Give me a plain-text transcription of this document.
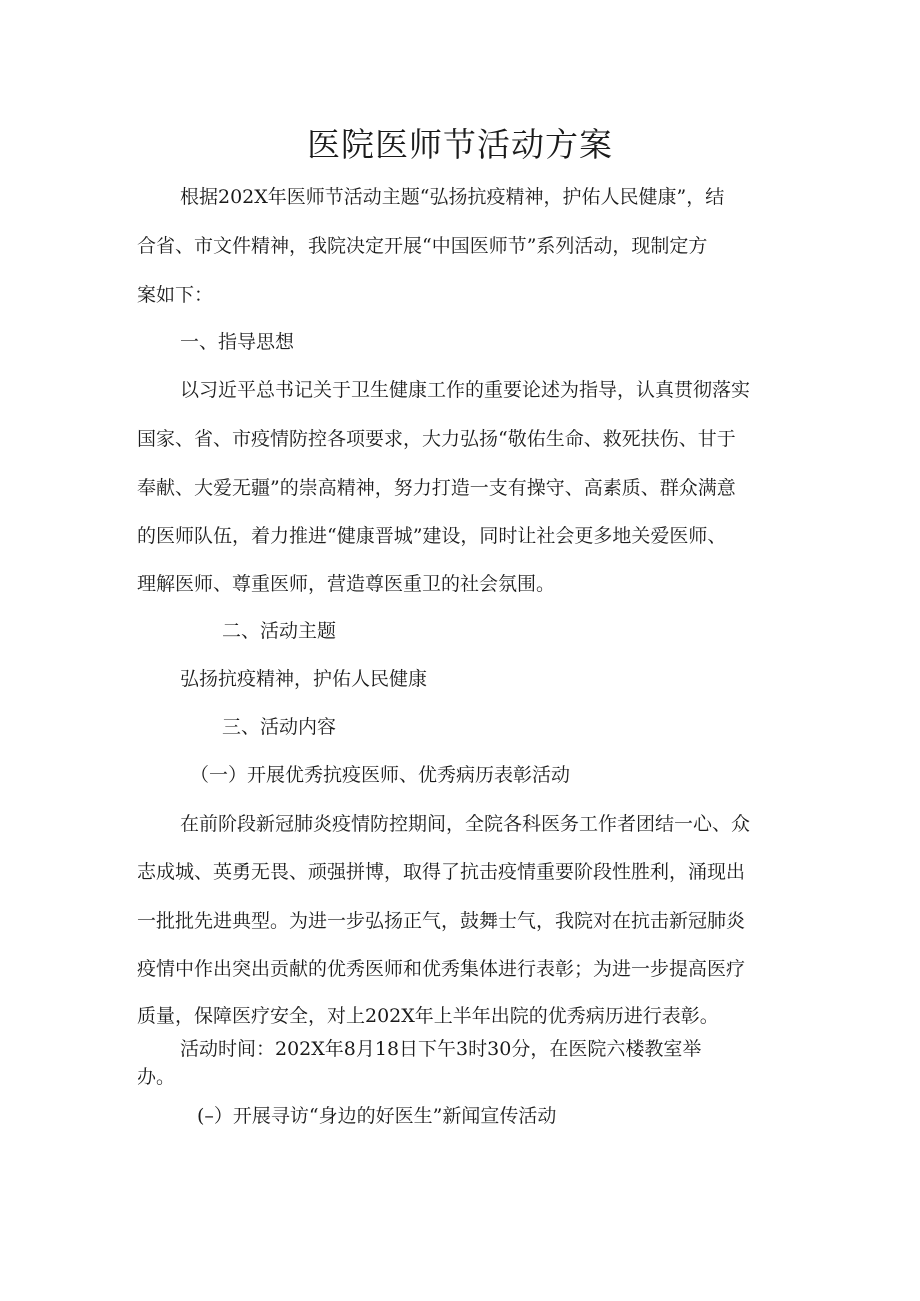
医院医师节活动方案
根据202X年医师节活动主题“弘扬抗疫精神，护佑人民健康”，结
合省、市文件精神，我院决定开展“中国医师节”系列活动，现制定方
案如下：
一、指导思想
以习近平总书记关于卫生健康工作的重要论述为指导，认真贯彻落实
国家、省、市疫情防控各项要求，大力弘扬“敬佑生命、救死扶伤、甘于
奉献、大爱无疆”的崇高精神，努力打造一支有操守、高素质、群众满意
的医师队伍，着力推进“健康晋城”建设，同时让社会更多地关爱医师、
理解医师、尊重医师，营造尊医重卫的社会氛围。
二、活动主题
弘扬抗疫精神，护佑人民健康
三、活动内容
（一）开展优秀抗疫医师、优秀病历表彰活动
在前阶段新冠肺炎疫情防控期间，全院各科医务工作者团结一心、众
志成城、英勇无畏、顽强拼博，取得了抗击疫情重要阶段性胜利，涌现出
一批批先进典型。为进一步弘扬正气，鼓舞士气，我院对在抗击新冠肺炎
疫情中作出突出贡献的优秀医师和优秀集体进行表彰；为进一步提高医疗
质量，保障医疗安全，对上202X年上半年出院的优秀病历进行表彰。
活动时间：202X年8月18日下午3时30分，在医院六楼教室举
办。
(–）开展寻访“身边的好医生”新闻宣传活动
